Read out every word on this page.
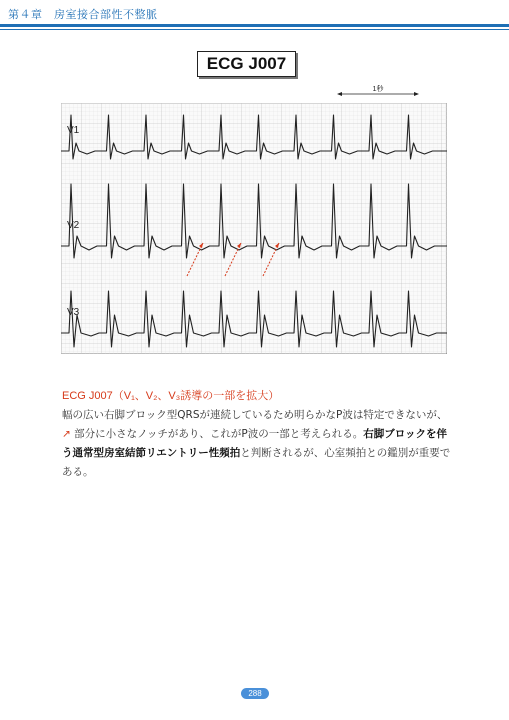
第４章　房室接合部性不整脈
ECG J007
1秒
V1
V2
V3
ECG J007（V₁、V₂、V₃誘導の一部を拡大）
幅の広い右脚ブロック型QRSが連続しているため明らかなP波は特定できないが、
↗ 部分に小さなノッチがあり、これがP波の一部と考えられる。右脚ブロックを伴う通常型房室結節リエントリー性頻拍と判断されるが、心室頻拍との鑑別が重要である。
288
